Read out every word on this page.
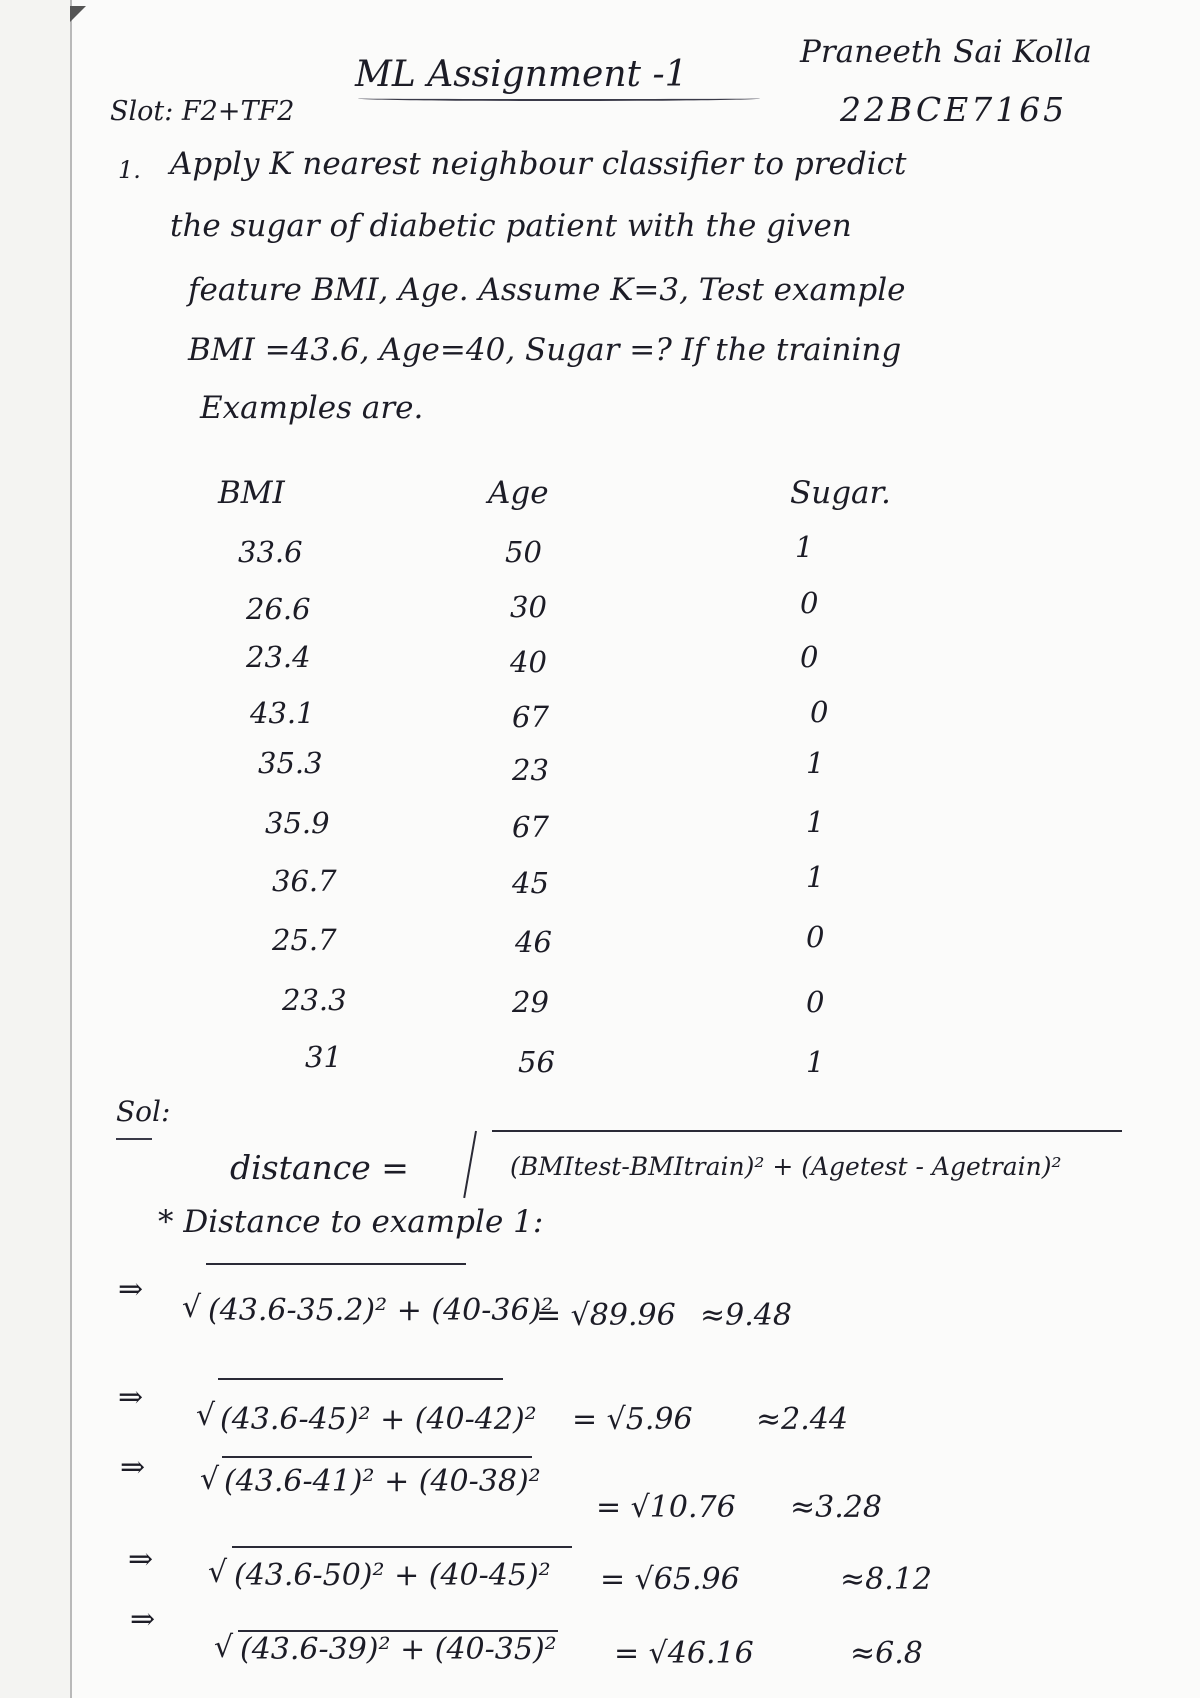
ML Assignment -1
Praneeth Sai Kolla
22BCE7165
Slot: F2+TF2
1. Apply K nearest neighbour classifier to predict
the sugar of diabetic patient with the given
feature BMI, Age. Assume K=3, Test example
BMI =43.6, Age=40, Sugar =? If the training
Examples are.
BMI	Age	Sugar.
33.6	50	1
26.6	30	0
23.4	40	0
43.1	67	0
35.3	23	1
35.9	67	1
36.7	45	1
25.7	46	0
23.3	29	0
31	56	1
Sol:
distance =	(BMItest-BMItrain)² + (Agetest - Agetrain)²
* Distance to example 1:
⇒
√ (43.6-35.2)² + (40-36)²
= √89.96 ≈9.48
⇒
√ (43.6-45)² + (40-42)² = √5.96 ≈2.44
⇒ √ (43.6-41)² + (40-38)²
= √10.76 ≈3.28
⇒ √ (43.6-50)² + (40-45)² = √65.96	≈8.12
⇒
√ (43.6-39)² + (40-35)² = √46.16	≈6.8
